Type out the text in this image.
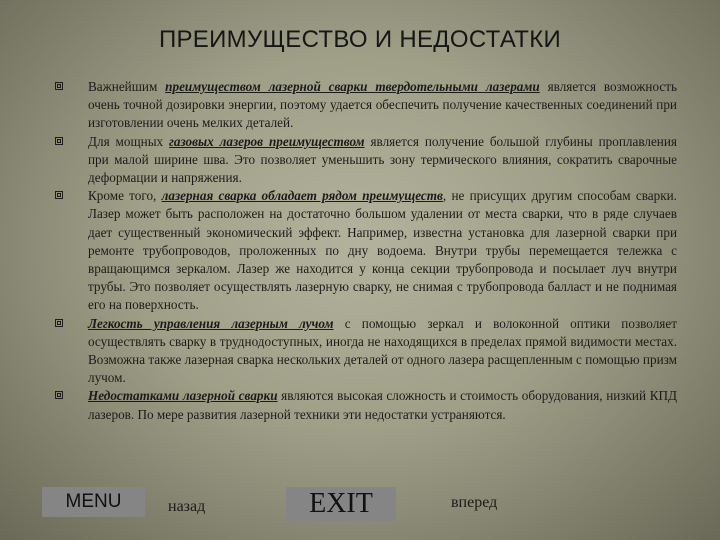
ПРЕИМУЩЕСТВО И НЕДОСТАТКИ

Важнейшим преимуществом лазерной сварки твердотельными лазерами является возможность очень точной дозировки энергии, поэтому удается обеспечить получение качественных соединений при изготовлении очень мелких деталей.

Для мощных газовых лазеров преимуществом является получение большой глубины проплавления при малой ширине шва. Это позволяет уменьшить зону термического влияния, сократить сварочные деформации и напряжения.

Кроме того, лазерная сварка обладает рядом преимуществ, не присущих другим способам сварки. Лазер может быть расположен на достаточно большом удалении от места сварки, что в ряде случаев дает существенный экономический эффект. Например, известна установка для лазерной сварки при ремонте трубопроводов, проложенных по дну водоема. Внутри трубы перемещается тележка с вращающимся зеркалом. Лазер же находится у конца секции трубопровода и посылает луч внутри трубы. Это позволяет осуществлять лазерную сварку, не снимая с трубопровода балласт и не поднимая его на поверхность.

Легкость управления лазерным лучом с помощью зеркал и волоконной оптики позволяет осуществлять сварку в труднодоступных, иногда не находящихся в пределах прямой видимости местах. Возможна также лазерная сварка нескольких деталей от одного лазера расщепленным с помощью призм лучом.

Недостатками лазерной сварки являются высокая сложность и стоимость оборудования, низкий КПД лазеров. По мере развития лазерной техники эти недостатки устраняются.

MENU	назад	EXIT	вперед
